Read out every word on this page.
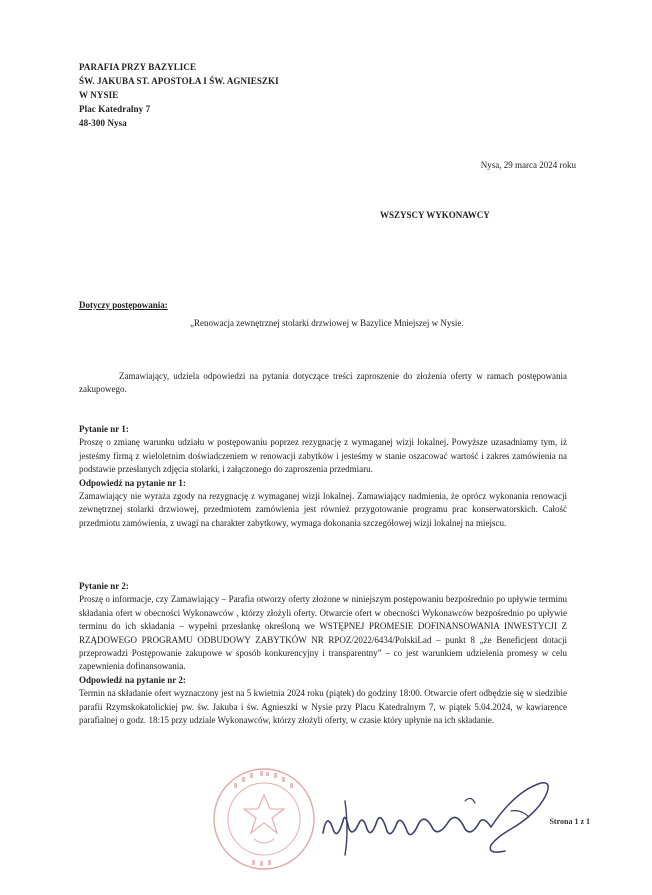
PARAFIA PRZY BAZYLICE
ŚW. JAKUBA ST. APOSTOŁA I ŚW. AGNIESZKI
W NYSIE
Plac Katedralny 7
48-300 Nysa
Nysa, 29 marca 2024 roku
WSZYSCY WYKONAWCY
Dotyczy postępowania:
„Renowacja zewnętrznej stolarki drzwiowej w Bazylice Mniejszej w Nysie.

Zamawiający, udziela odpowiedzi na pytania dotyczące treści zaproszenie do złożenia oferty w ramach postępowania zakupowego.

Pytanie nr 1:
Proszę o zmianę warunku udziału w postępowaniu poprzez rezygnację z wymaganej wizji lokalnej. Powyższe uzasadniamy tym, iż jesteśmy firmą z wieloletnim doświadczeniem w renowacji zabytków i jesteśmy w stanie oszacować wartość i zakres zamówienia na podstawie przesłanych zdjęcia stolarki, i załączonego do zaproszenia przedmiaru.
Odpowiedź na pytanie nr 1:
Zamawiający nie wyraża zgody na rezygnację z wymaganej wizji lokalnej. Zamawiający nadmienia, że oprócz wykonania renowacji zewnętrznej stolarki drzwiowej, przedmiotem zamówienia jest również przygotowanie programu prac konserwatorskich. Całość przedmiotu zamówienia, z uwagi na charakter zabytkowy, wymaga dokonania szczegółowej wizji lokalnej na miejscu.
Pytanie nr 2:
Proszę o informacje, czy Zamawiający – Parafia otworzy oferty złożone w niniejszym postępowaniu bezpośrednio po upływie terminu składania ofert w obecności Wykonawców , którzy złożyli oferty. Otwarcie ofert w obecności Wykonawców bezpośrednio po upływie terminu do ich składania – wypełni przesłankę określoną we WSTĘPNEJ PROMESIE DOFINANSOWANIA INWESTYCJI Z RZĄDOWEGO PROGRAMU ODBUDOWY ZABYTKÓW NR RPOZ/2022/6434/PolskiLad – punkt 8 „że Beneficjent dotacji przeprowadzi Postępowanie zakupowe w sposób konkurencyjny i transparentny” – co jest warunkiem udzielenia promesy w celu zapewnienia dofinansowania.
Odpowiedź na pytanie nr 2:
Termin na składanie ofert wyznaczony jest na 5 kwietnia 2024 roku (piątek) do godziny 18:00. Otwarcie ofert odbędzie się w siedzibie parafii Rzymskokatolickiej pw. św. Jakuba i św. Agnieszki w Nysie przy Placu Katedralnym 7, w piątek 5.04.2024, w kawiarence parafialnej o godz. 18:15 przy udziale Wykonawców, którzy złożyli oferty, w czasie który upłynie na ich składanie.
Strona 1 z 1
